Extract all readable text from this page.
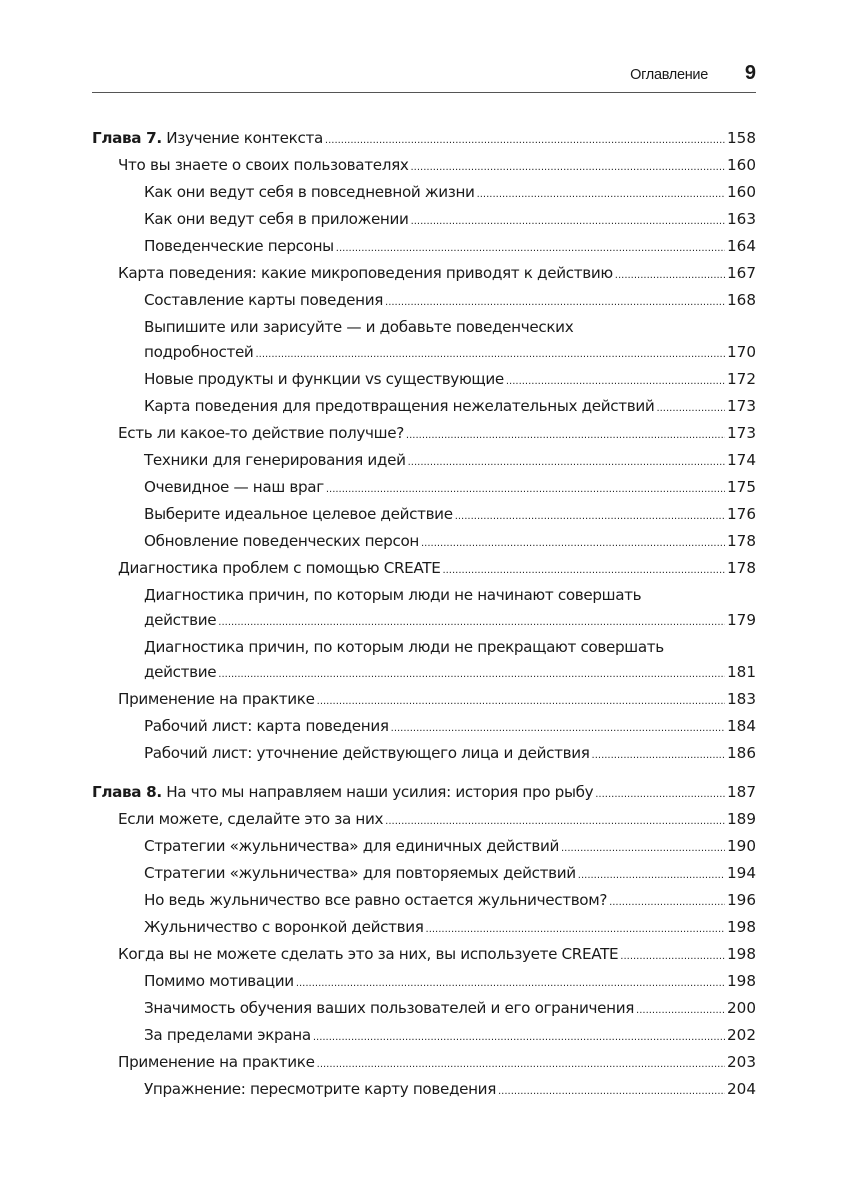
Оглавление 9
Глава 7. Изучение контекста .....	158
Что вы знаете о своих пользователях .....	160
Как они ведут себя в повседневной жизни .....	160
Как они ведут себя в приложении .....	163
Поведенческие персоны .....	164
Карта поведения: какие микроповедения приводят к действию .....	167
Составление карты поведения .....	168
Выпишите или зарисуйте — и добавьте поведенческих
подробностей .....	170
Новые продукты и функции vs существующие .....	172
Карта поведения для предотвращения нежелательных действий .....	173
Есть ли какое-то действие получше? .....	173
Техники для генерирования идей .....	174
Очевидное — наш враг .....	175
Выберите идеальное целевое действие .....	176
Обновление поведенческих персон .....	178
Диагностика проблем с помощью CREATE .....	178
Диагностика причин, по которым люди не начинают совершать
действие .....	179
Диагностика причин, по которым люди не прекращают совершать
действие .....	181
Применение на практике .....	183
Рабочий лист: карта поведения .....	184
Рабочий лист: уточнение действующего лица и действия .....	186
Глава 8. На что мы направляем наши усилия: история про рыбу .....	187
Если можете, сделайте это за них .....	189
Стратегии «жульничества» для единичных действий .....	190
Стратегии «жульничества» для повторяемых действий .....	194
Но ведь жульничество все равно остается жульничеством? .....	196
Жульничество с воронкой действия .....	198
Когда вы не можете сделать это за них, вы используете CREATE .....	198
Помимо мотивации .....	198
Значимость обучения ваших пользователей и его ограничения .....	200
За пределами экрана .....	202
Применение на практике .....	203
Упражнение: пересмотрите карту поведения .....	204
